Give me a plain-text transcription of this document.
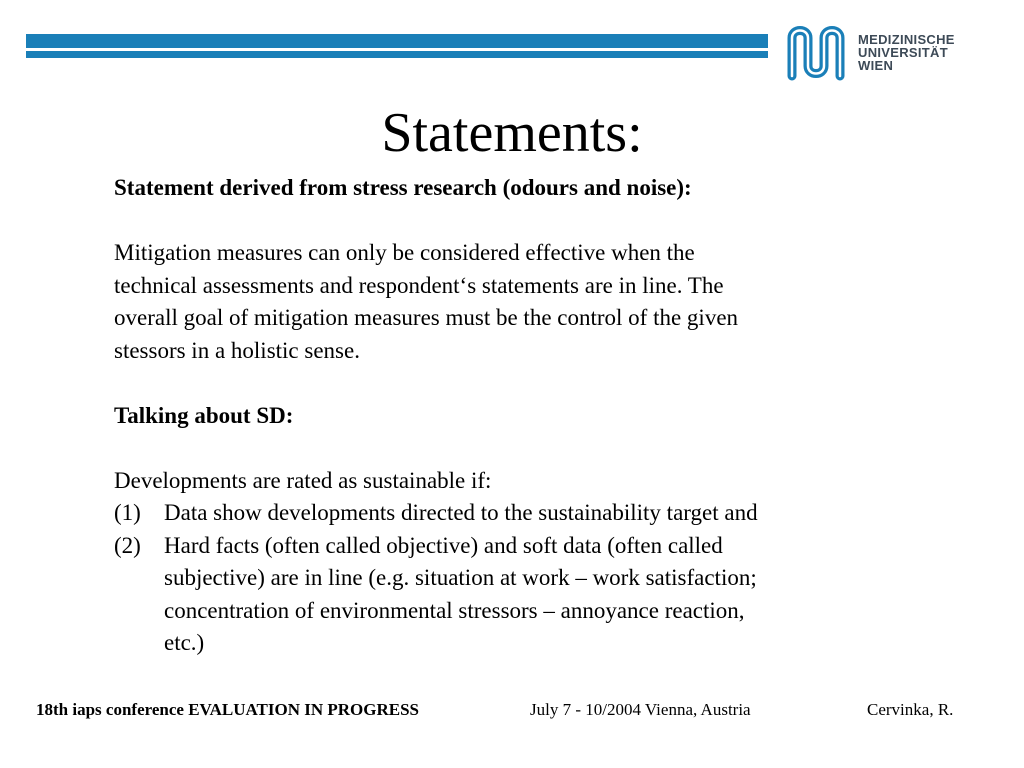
MEDIZINISCHE
UNIVERSITÄT
WIEN
Statements:

Statement derived from stress research (odours and noise):

Mitigation measures can only be considered effective when the

technical assessments and respondent‘s statements are in line. The

overall goal of mitigation measures must be the control of the given

stessors in a holistic sense.

Talking about SD:

Developments are rated as sustainable if:

(1) Data show developments directed to the sustainability target and
(2) Hard facts (often called objective) and soft data (often called
subjective) are in line (e.g. situation at work – work satisfaction;
concentration of environmental stressors – annoyance reaction,
etc.)
18th iaps conference EVALUATION IN PROGRESS	July 7 - 10/2004 Vienna, Austria	Cervinka, R.
